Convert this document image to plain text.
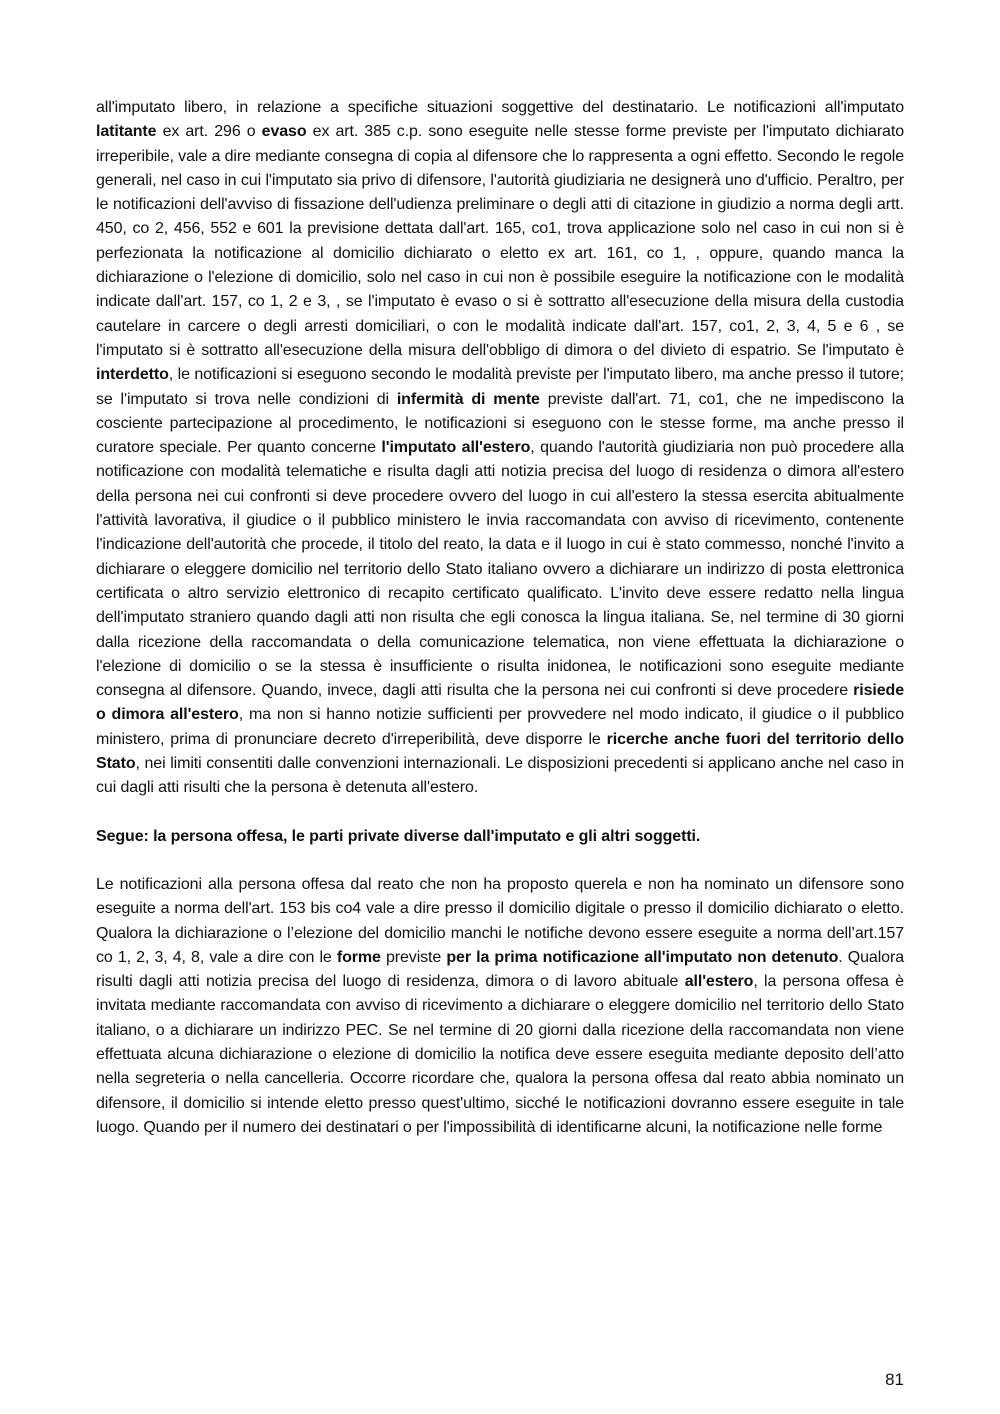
all'imputato libero, in relazione a specifiche situazioni soggettive del destinatario. Le notificazioni all'imputato latitante ex art. 296 o evaso ex art. 385 c.p. sono eseguite nelle stesse forme previste per l'imputato dichiarato irreperibile, vale a dire mediante consegna di copia al difensore che lo rappresenta a ogni effetto. Secondo le regole generali, nel caso in cui l'imputato sia privo di difensore, l'autorità giudiziaria ne designerà uno d'ufficio. Peraltro, per le notificazioni dell'avviso di fissazione dell'udienza preliminare o degli atti di citazione in giudizio a norma degli artt. 450, co 2, 456, 552 e 601 la previsione dettata dall'art. 165, co1, trova applicazione solo nel caso in cui non si è perfezionata la notificazione al domicilio dichiarato o eletto ex art. 161, co 1, , oppure, quando manca la dichiarazione o l'elezione di domicilio, solo nel caso in cui non è possibile eseguire la notificazione con le modalità indicate dall'art. 157, co 1, 2 e 3, , se l'imputato è evaso o si è sottratto all'esecuzione della misura della custodia cautelare in carcere o degli arresti domiciliari, o con le modalità indicate dall'art. 157, co1, 2, 3, 4, 5 e 6 , se l'imputato si è sottratto all'esecuzione della misura dell'obbligo di dimora o del divieto di espatrio. Se l'imputato è interdetto, le notificazioni si eseguono secondo le modalità previste per l'imputato libero, ma anche presso il tutore; se l'imputato si trova nelle condizioni di infermità di mente previste dall'art. 71, co1, che ne impediscono la cosciente partecipazione al procedimento, le notificazioni si eseguono con le stesse forme, ma anche presso il curatore speciale. Per quanto concerne l'imputato all'estero, quando l'autorità giudiziaria non può procedere alla notificazione con modalità telematiche e risulta dagli atti notizia precisa del luogo di residenza o dimora all'estero della persona nei cui confronti si deve procedere ovvero del luogo in cui all'estero la stessa esercita abitualmente l'attività lavorativa, il giudice o il pubblico ministero le invia raccomandata con avviso di ricevimento, contenente l'indicazione dell'autorità che procede, il titolo del reato, la data e il luogo in cui è stato commesso, nonché l'invito a dichiarare o eleggere domicilio nel territorio dello Stato italiano ovvero a dichiarare un indirizzo di posta elettronica certificata o altro servizio elettronico di recapito certificato qualificato. L'invito deve essere redatto nella lingua dell'imputato straniero quando dagli atti non risulta che egli conosca la lingua italiana. Se, nel termine di 30 giorni dalla ricezione della raccomandata o della comunicazione telematica, non viene effettuata la dichiarazione o l'elezione di domicilio o se la stessa è insufficiente o risulta inidonea, le notificazioni sono eseguite mediante consegna al difensore. Quando, invece, dagli atti risulta che la persona nei cui confronti si deve procedere risiede o dimora all'estero, ma non si hanno notizie sufficienti per provvedere nel modo indicato, il giudice o il pubblico ministero, prima di pronunciare decreto d'irreperibilità, deve disporre le ricerche anche fuori del territorio dello Stato, nei limiti consentiti dalle convenzioni internazionali. Le disposizioni precedenti si applicano anche nel caso in cui dagli atti risulti che la persona è detenuta all'estero.

Segue: la persona offesa, le parti private diverse dall'imputato e gli altri soggetti.

Le notificazioni alla persona offesa dal reato che non ha proposto querela e non ha nominato un difensore sono eseguite a norma dell'art. 153 bis co4 vale a dire presso il domicilio digitale o presso il domicilio dichiarato o eletto. Qualora la dichiarazione o l’elezione del domicilio manchi le notifiche devono essere eseguite a norma dell’art.157 co 1, 2, 3, 4, 8, vale a dire con le forme previste per la prima notificazione all'imputato non detenuto. Qualora risulti dagli atti notizia precisa del luogo di residenza, dimora o di lavoro abituale all'estero, la persona offesa è invitata mediante raccomandata con avviso di ricevimento a dichiarare o eleggere domicilio nel territorio dello Stato italiano, o a dichiarare un indirizzo PEC. Se nel termine di 20 giorni dalla ricezione della raccomandata non viene effettuata alcuna dichiarazione o elezione di domicilio la notifica deve essere eseguita mediante deposito dell’atto nella segreteria o nella cancelleria. Occorre ricordare che, qualora la persona offesa dal reato abbia nominato un difensore, il domicilio si intende eletto presso quest'ultimo, sicché le notificazioni dovranno essere eseguite in tale luogo. Quando per il numero dei destinatari o per l'impossibilità di identificarne alcuni, la notificazione nelle forme

81
